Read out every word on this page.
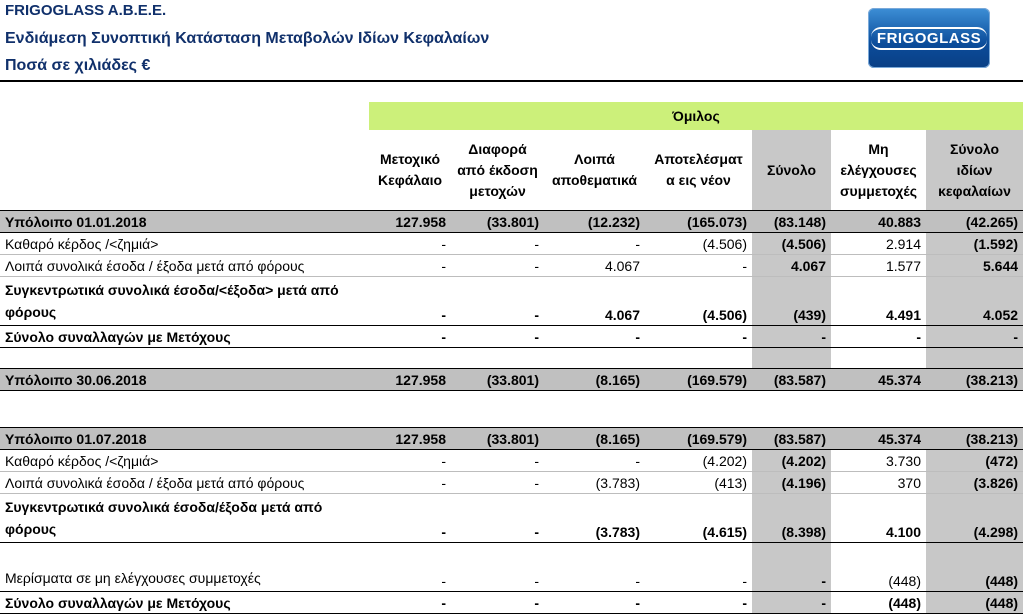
FRIGOGLASS A.B.E.E.
Ενδιάμεση Συνοπτική Κατάσταση Μεταβολών Ιδίων Κεφαλαίων
Ποσά σε χιλιάδες €
FRIGOGLASS
	Όμιλος						
	Μετοχικό Κεφάλαιο	Διαφορά από έκδοση μετοχών	Λοιπά αποθεματικά	Αποτελέσματ α εις νέον	Σύνολο	Μη ελέγχουσες συμμετοχές	Σύνολο ιδίων κεφαλαίων
Υπόλοιπο 01.01.2018	127.958	(33.801)	(12.232)	(165.073)	(83.148)	40.883	(42.265)
Καθαρό κέρδος /<ζημιά>	-	-	-	(4.506)	(4.506)	2.914	(1.592)
Λοιπά συνολικά έσοδα / έξοδα μετά από φόρους	-	-	4.067	-	4.067	1.577	5.644
Συγκεντρωτικά συνολικά έσοδα/<έξοδα> μετά από φόρους	-	-	4.067	(4.506)	(439)	4.491	4.052
Σύνολο συναλλαγών με Μετόχους	-	-	-	-	-	-	-

Υπόλοιπο 30.06.2018	127.958	(33.801)	(8.165)	(169.579)	(83.587)	45.374	(38.213)

Υπόλοιπο 01.07.2018	127.958	(33.801)	(8.165)	(169.579)	(83.587)	45.374	(38.213)
Καθαρό κέρδος /<ζημιά>	-	-	-	(4.202)	(4.202)	3.730	(472)
Λοιπά συνολικά έσοδα / έξοδα μετά από φόρους	-	-	(3.783)	(413)	(4.196)	370	(3.826)
Συγκεντρωτικά συνολικά έσοδα/έξοδα μετά από φόρους	-	-	(3.783)	(4.615)	(8.398)	4.100	(4.298)
Μερίσματα σε μη ελέγχουσες συμμετοχές	-	-	-	-	-	(448)	(448)
Σύνολο συναλλαγών με Μετόχους	-	-	-	-	-	(448)	(448)
